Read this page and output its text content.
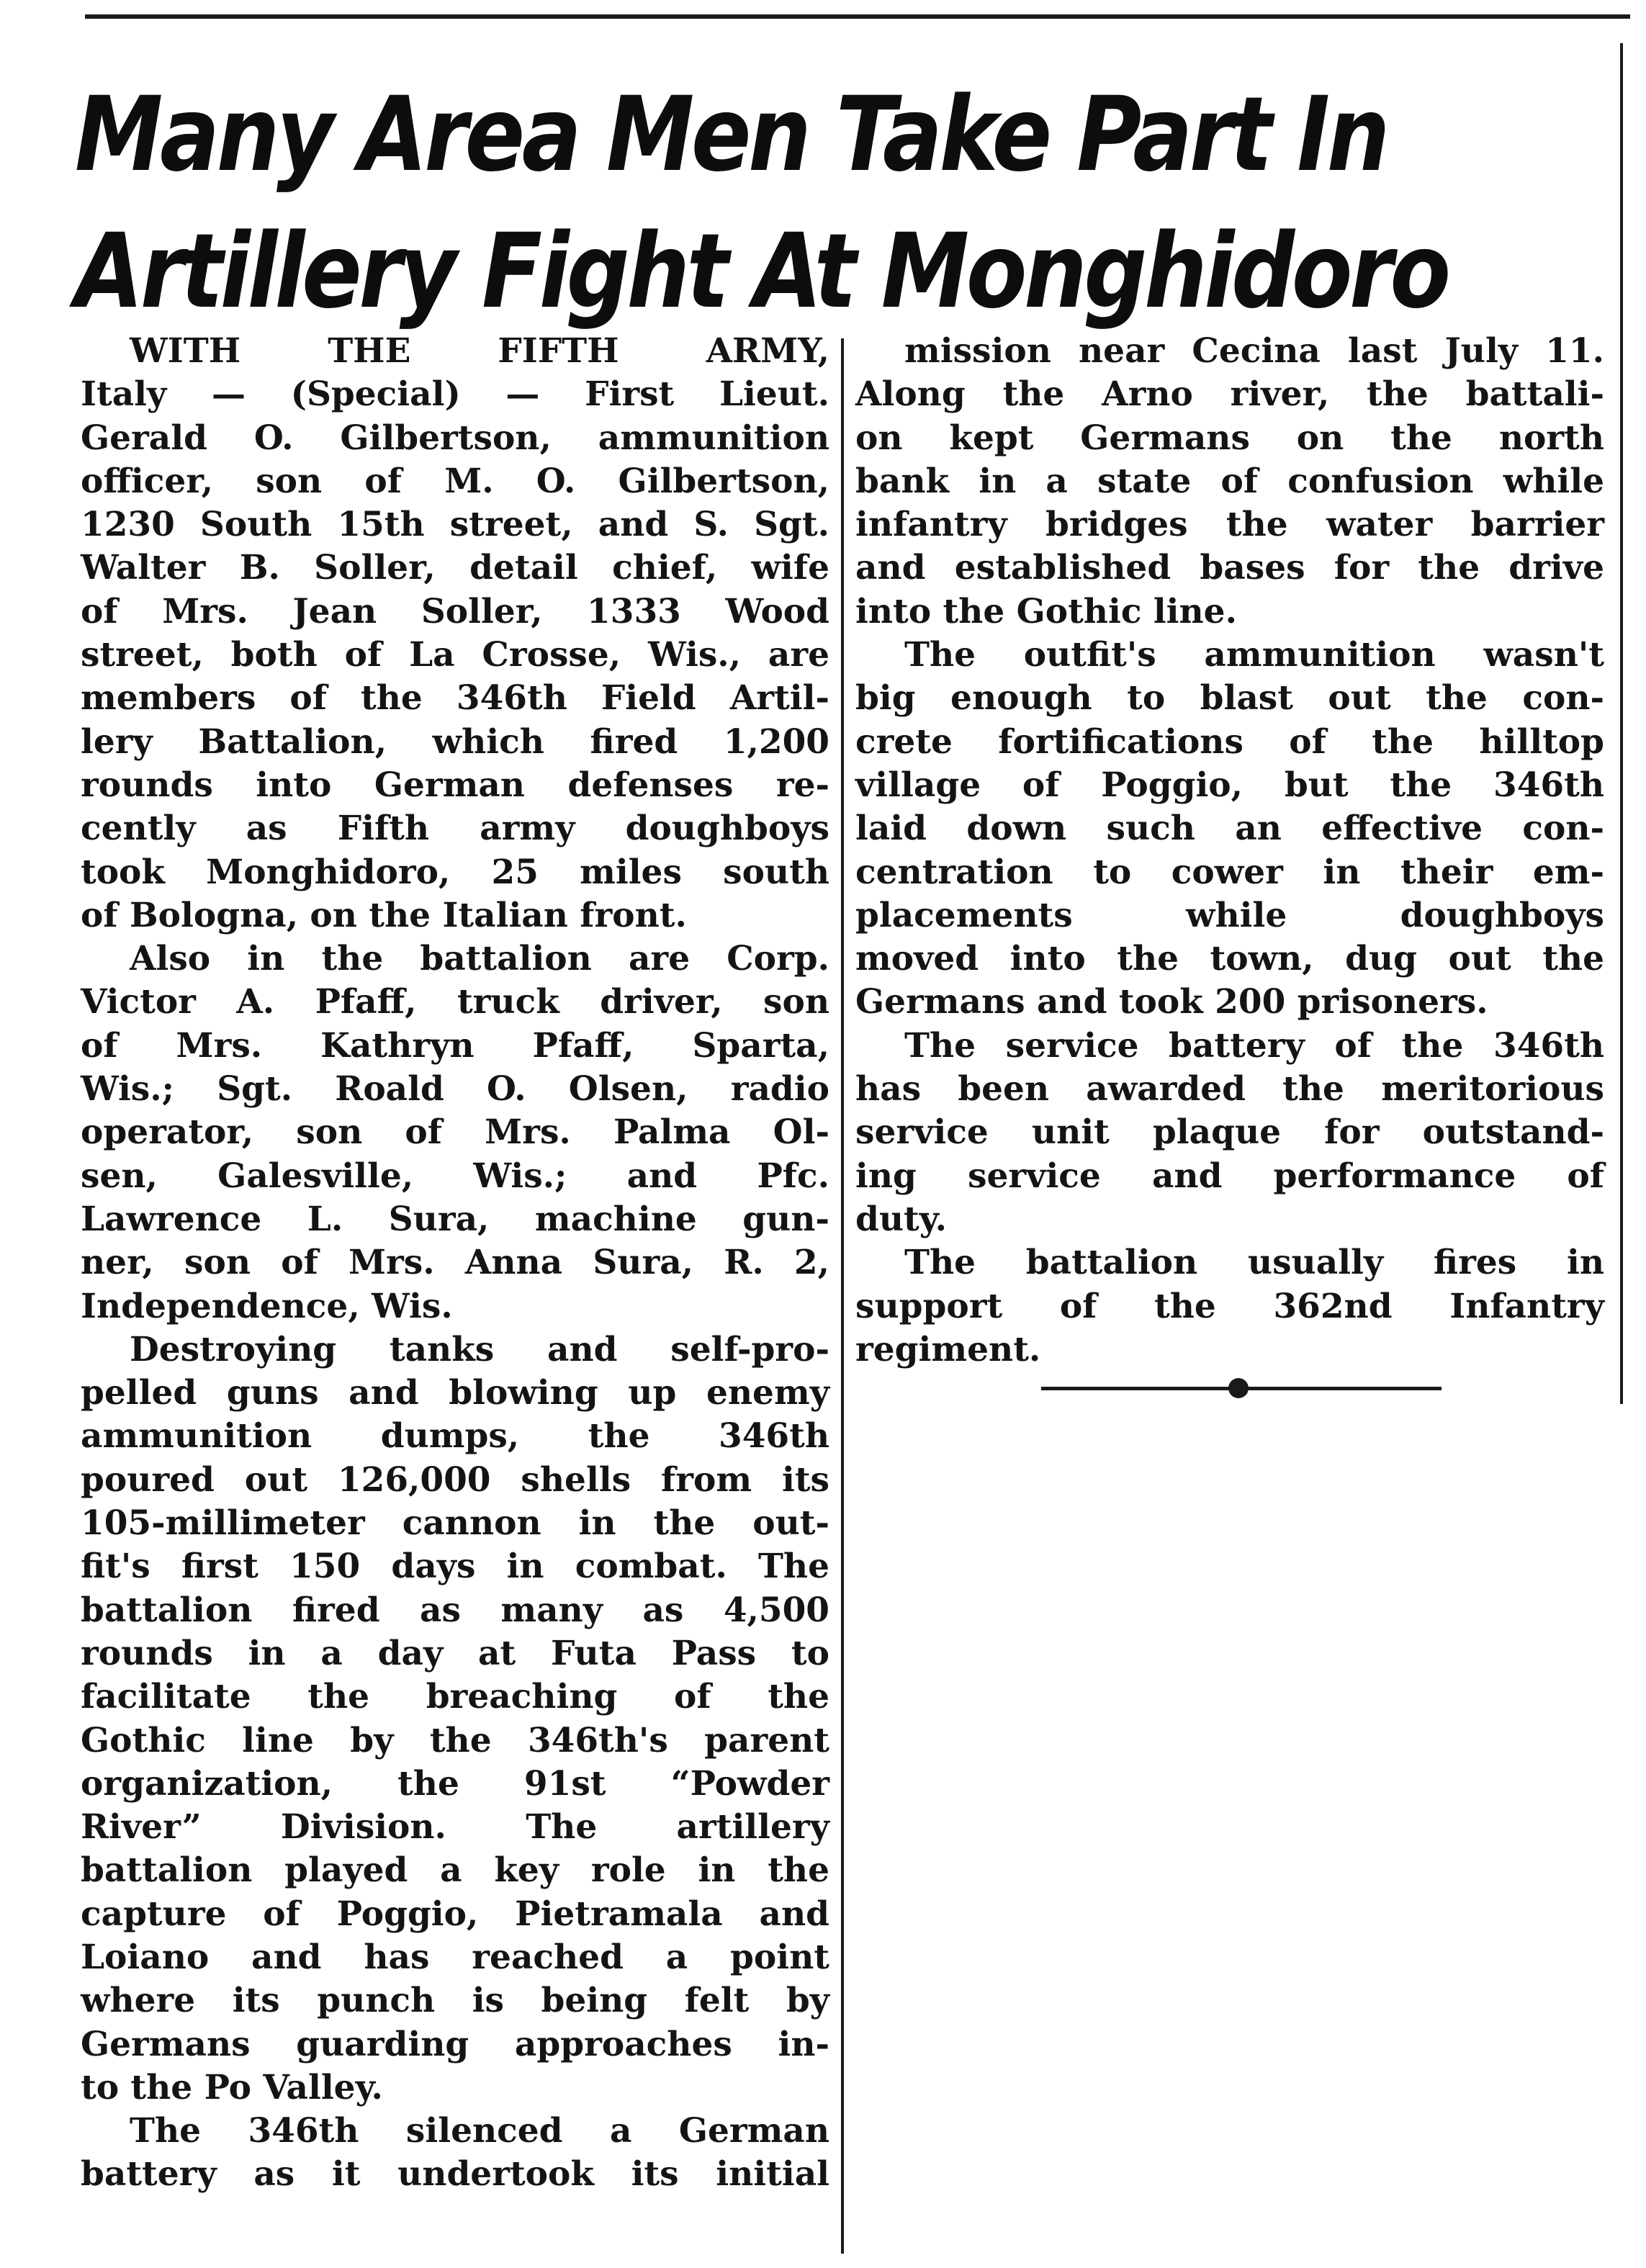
Many Area Men Take Part In
Artillery Fight At Monghidoro

WITH THE FIFTH ARMY,
Italy — (Special) — First Lieut.
Gerald O. Gilbertson, ammunition
officer, son of M. O. Gilbertson,
1230 South 15th street, and S. Sgt.
Walter B. Soller, detail chief, wife
of Mrs. Jean Soller, 1333 Wood
street, both of La Crosse, Wis., are
members of the 346th Field Artil-
lery Battalion, which fired 1,200
rounds into German defenses re-
cently as Fifth army doughboys
took Monghidoro, 25 miles south
of Bologna, on the Italian front.

Also in the battalion are Corp.
Victor A. Pfaff, truck driver, son
of Mrs. Kathryn Pfaff, Sparta,
Wis.; Sgt. Roald O. Olsen, radio
operator, son of Mrs. Palma Ol-
sen, Galesville, Wis.; and Pfc.
Lawrence L. Sura, machine gun-
ner, son of Mrs. Anna Sura, R. 2,
Independence, Wis.

Destroying tanks and self-pro-
pelled guns and blowing up enemy
ammunition dumps, the 346th
poured out 126,000 shells from its
105-millimeter cannon in the out-
fit's first 150 days in combat. The
battalion fired as many as 4,500
rounds in a day at Futa Pass to
facilitate the breaching of the
Gothic line by the 346th's parent
organization, the 91st “Powder
River” Division. The artillery
battalion played a key role in the
capture of Poggio, Pietramala and
Loiano and has reached a point
where its punch is being felt by
Germans guarding approaches in-
to the Po Valley.

The 346th silenced a German
battery as it undertook its initial

mission near Cecina last July 11.
Along the Arno river, the battali-
on kept Germans on the north
bank in a state of confusion while
infantry bridges the water barrier
and established bases for the drive
into the Gothic line.

The outfit's ammunition wasn't
big enough to blast out the con-
crete fortifications of the hilltop
village of Poggio, but the 346th
laid down such an effective con-
centration to cower in their em-
placements while doughboys
moved into the town, dug out the
Germans and took 200 prisoners.

The service battery of the 346th
has been awarded the meritorious
service unit plaque for outstand-
ing service and performance of
duty.

The battalion usually fires in
support of the 362nd Infantry
regiment.
